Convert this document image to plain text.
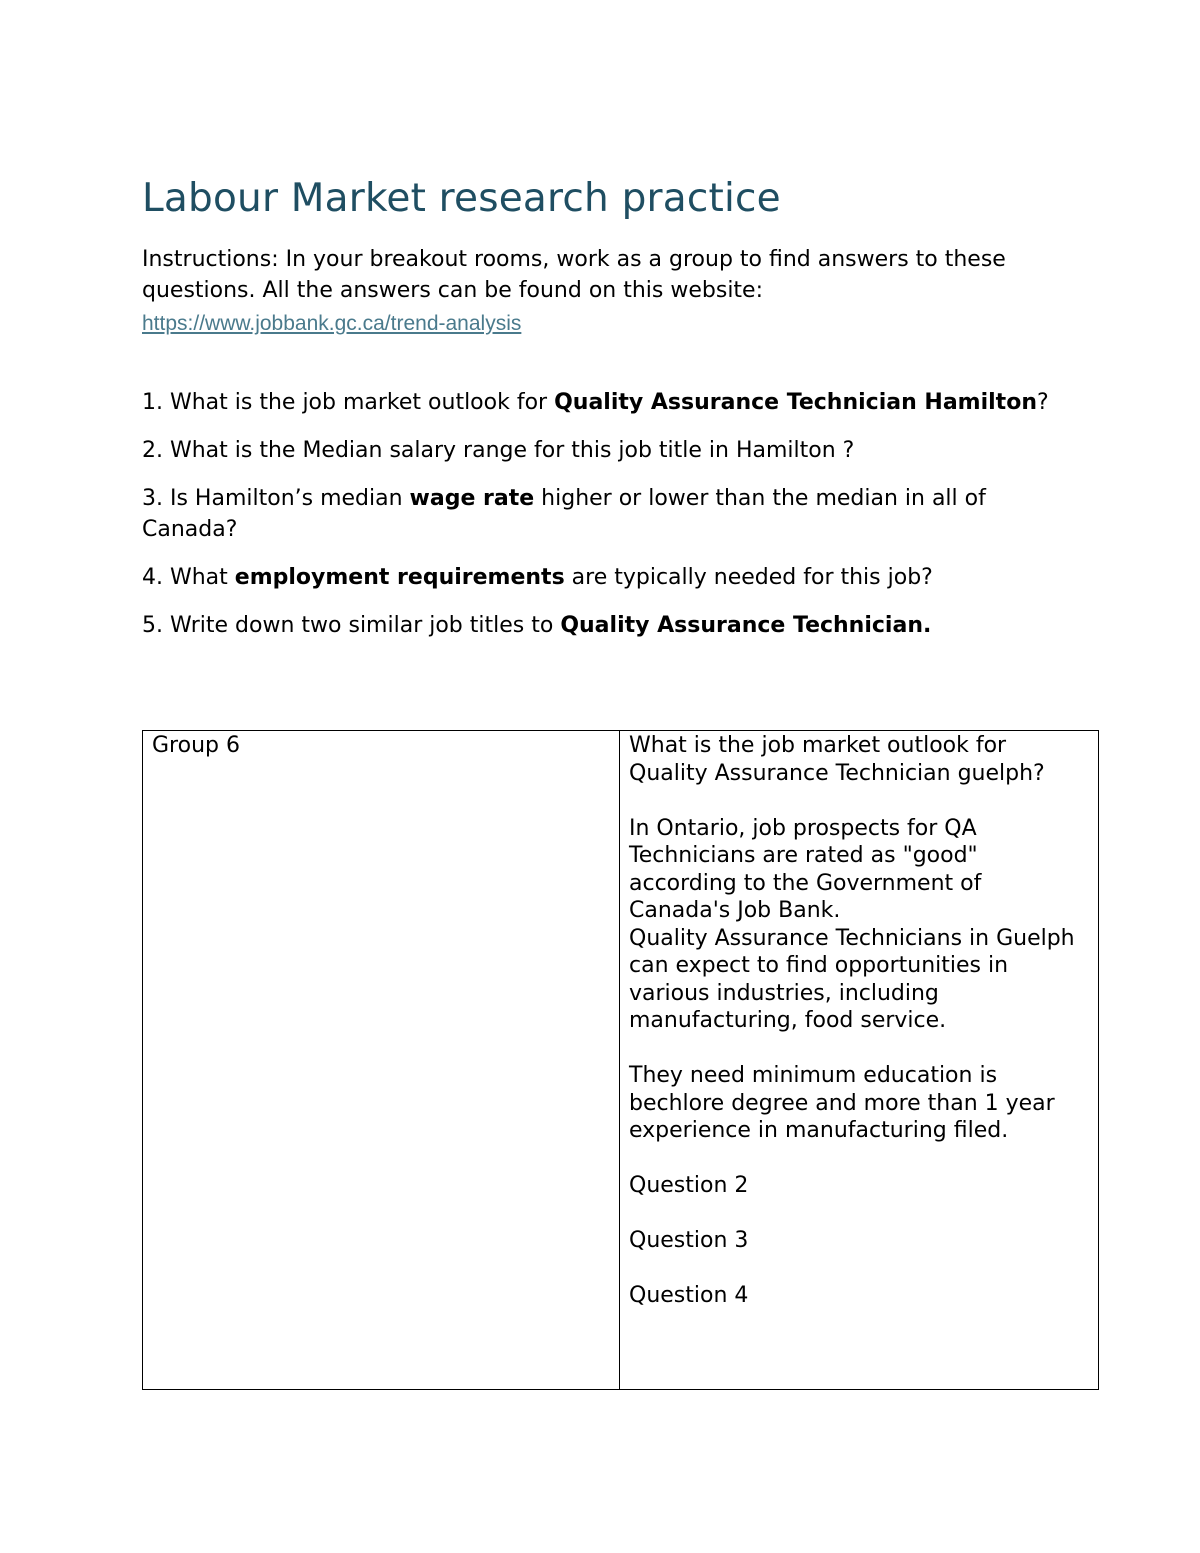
Labour Market research practice

Instructions: In your breakout rooms, work as a group to find answers to these questions. All the answers can be found on this website:

https://www.jobbank.gc.ca/trend-analysis

1. What is the job market outlook for Quality Assurance Technician Hamilton?

2. What is the Median salary range for this job title in Hamilton ?

3. Is Hamilton’s median wage rate higher or lower than the median in all of Canada?

4. What employment requirements are typically needed for this job?

5. Write down two similar job titles to Quality Assurance Technician.

Group 6	What is the job market outlook for Quality Assurance Technician guelph?
In Ontario, job prospects for QA Technicians are rated as "good" according to the Government of Canada's Job Bank.
Quality Assurance Technicians in Guelph can expect to find opportunities in various industries, including manufacturing, food service.
They need minimum education is bechlore degree and more than 1 year experience in manufacturing filed.
Question 2
Question 3
Question 4
